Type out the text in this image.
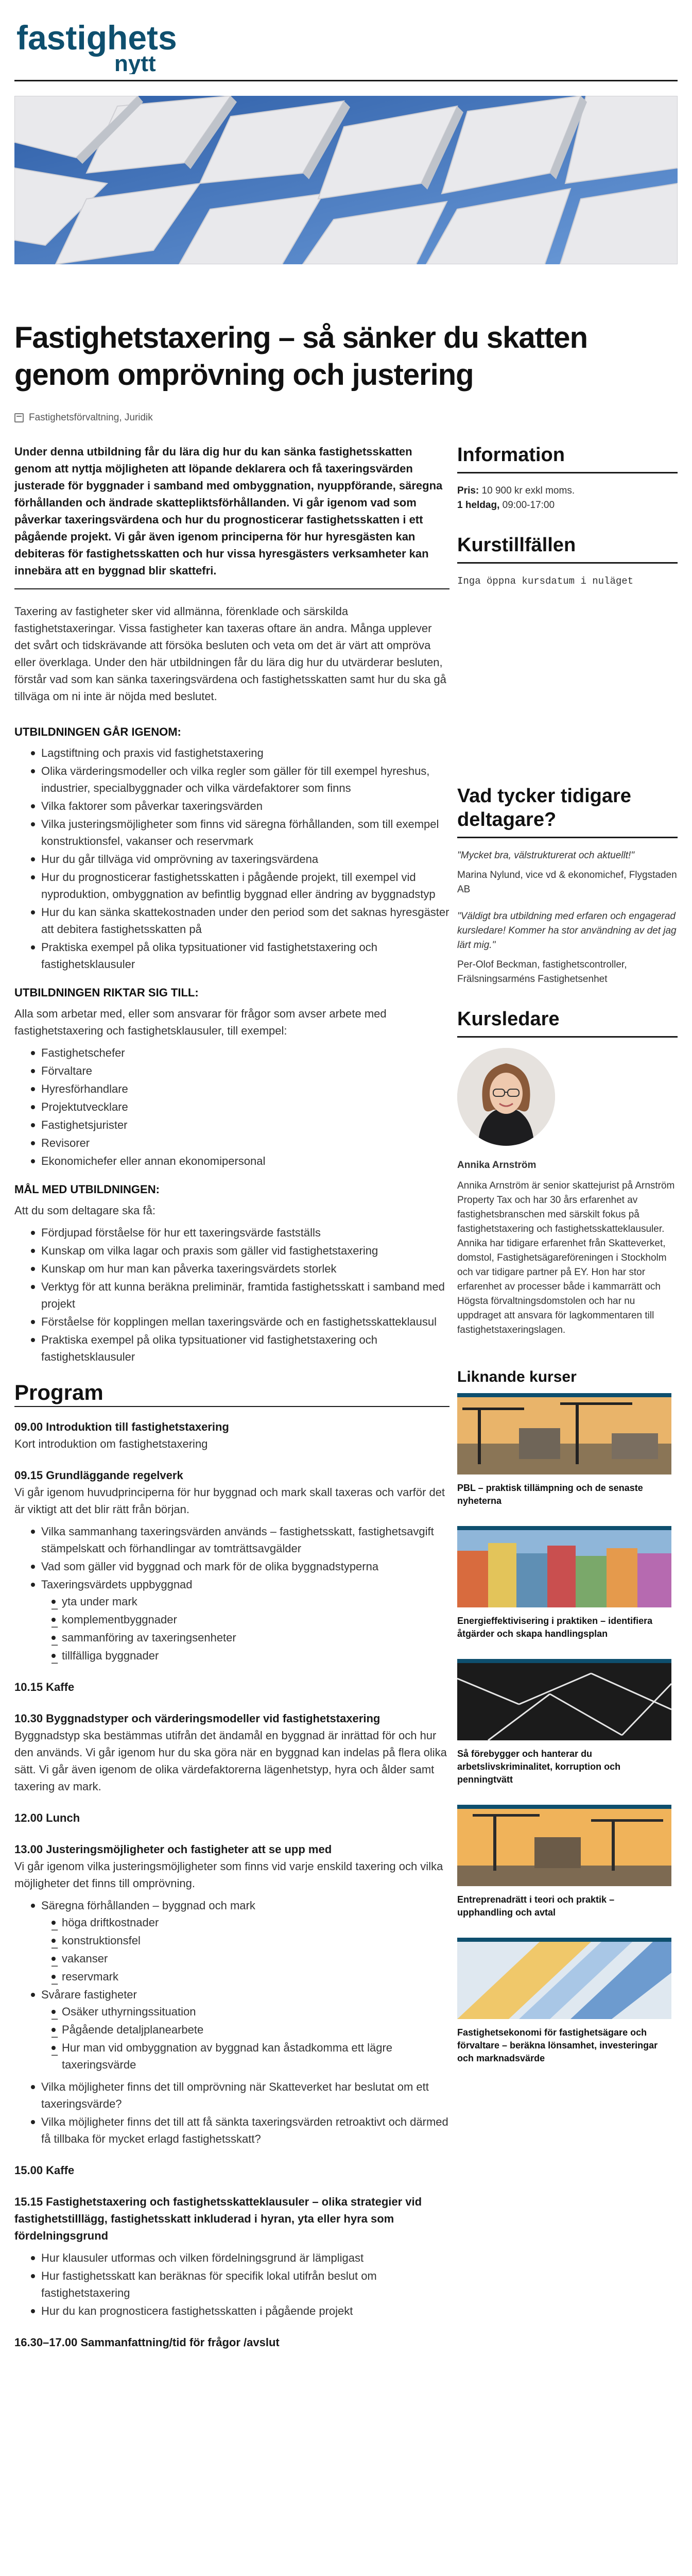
fastighets
nytt
Fastighetstaxering – så sänker du skatten genom omprövning och justering
Fastighetsförvaltning, Juridik

Under denna utbildning får du lära dig hur du kan sänka fastighetsskatten genom att nyttja möjligheten att löpande deklarera och få taxeringsvärden justerade för byggnader i samband med ombyggnation, nyuppförande, säregna förhållanden och ändrade skattepliktsförhållanden. Vi går igenom vad som påverkar taxeringsvärdena och hur du prognosticerar fastighetsskatten i ett pågående projekt. Vi går även igenom principerna för hur hyresgästen kan debiteras för fastighetsskatten och hur vissa hyresgästers verksamheter kan innebära att en byggnad blir skattefri.

Taxering av fastigheter sker vid allmänna, förenklade och särskilda fastighetstaxeringar. Vissa fastigheter kan taxeras oftare än andra. Många upplever det svårt och tidskrävande att försöka besluten och veta om det är värt att ompröva eller överklaga. Under den här utbildningen får du lära dig hur du utvärderar besluten, förstår vad som kan sänka taxeringsvärdena och fastighetsskatten samt hur du ska gå tillväga om ni inte är nöjda med beslutet.

UTBILDNINGEN GÅR IGENOM:

Lagstiftning och praxis vid fastighetstaxering
Olika värderingsmodeller och vilka regler som gäller för till exempel hyreshus, industrier, specialbyggnader och vilka värdefaktorer som finns
Vilka faktorer som påverkar taxeringsvärden
Vilka justeringsmöjligheter som finns vid säregna förhållanden, som till exempel konstruktionsfel, vakanser och reservmark
Hur du går tillväga vid omprövning av taxeringsvärdena
Hur du prognosticerar fastighetsskatten i pågående projekt, till exempel vid nyproduktion, ombyggnation av befintlig byggnad eller ändring av byggnadstyp
Hur du kan sänka skattekostnaden under den period som det saknas hyresgäster att debitera fastighetsskatten på
Praktiska exempel på olika typsituationer vid fastighetstaxering och fastighetsklausuler

UTBILDNINGEN RIKTAR SIG TILL:

Alla som arbetar med, eller som ansvarar för frågor som avser arbete med fastighetstaxering och fastighetsklausuler, till exempel:

Fastighetschefer
Förvaltare
Hyresförhandlare
Projektutvecklare
Fastighetsjurister
Revisorer
Ekonomichefer eller annan ekonomipersonal

MÅL MED UTBILDNINGEN:

Att du som deltagare ska få:

Fördjupad förståelse för hur ett taxeringsvärde fastställs
Kunskap om vilka lagar och praxis som gäller vid fastighetstaxering
Kunskap om hur man kan påverka taxeringsvärdets storlek
Verktyg för att kunna beräkna preliminär, framtida fastighetsskatt i samband med projekt
Förståelse för kopplingen mellan taxeringsvärde och en fastighetsskatteklausul
Praktiska exempel på olika typsituationer vid fastighetstaxering och fastighetsklausuler
Program
09.00 Introduktion till fastighetstaxering
Kort introduktion om fastighetstaxering
09.15 Grundläggande regelverk
Vi går igenom huvudprinciperna för hur byggnad och mark skall taxeras och varför det är viktigt att det blir rätt från början.
Vilka sammanhang taxeringsvärden används – fastighetsskatt, fastighetsavgift stämpelskatt och förhandlingar av tomträttsavgälder
Vad som gäller vid byggnad och mark för de olika byggnadstyperna
Taxeringsvärdets uppbyggnad
– yta under mark
– komplementbyggnader
– sammanföring av taxeringsenheter
– tillfälliga byggnader
10.15 Kaffe
10.30 Byggnadstyper och värderingsmodeller vid fastighetstaxering
Byggnadstyp ska bestämmas utifrån det ändamål en byggnad är inrättad för och hur den används. Vi går igenom hur du ska göra när en byggnad kan indelas på flera olika sätt. Vi går även igenom de olika värdefaktorerna lägenhetstyp, hyra och ålder samt taxering av mark.
12.00 Lunch
13.00 Justeringsmöjligheter och fastigheter att se upp med
Vi går igenom vilka justeringsmöjligheter som finns vid varje enskild taxering och vilka möjligheter det finns till omprövning.
Säregna förhållanden – byggnad och mark
– höga driftkostnader
– konstruktionsfel
– vakanser
– reservmark
Svårare fastigheter
– Osäker uthyrningssituation
– Pågående detaljplanearbete
– Hur man vid ombyggnation av byggnad kan åstadkomma ett lägre taxeringsvärde
Vilka möjligheter finns det till omprövning när Skatteverket har beslutat om ett taxeringsvärde?
Vilka möjligheter finns det till att få sänkta taxeringsvärden retroaktivt och därmed få tillbaka för mycket erlagd fastighetsskatt?
15.00 Kaffe
15.15 Fastighetstaxering och fastighetsskatteklausuler – olika strategier vid fastighetstilllägg, fastighetsskatt inkluderad i hyran, yta eller hyra som fördelningsgrund
Hur klausuler utformas och vilken fördelningsgrund är lämpligast
Hur fastighetsskatt kan beräknas för specifik lokal utifrån beslut om fastighetstaxering
Hur du kan prognosticera fastighetsskatten i pågående projekt
16.30–17.00 Sammanfattning/tid för frågor /avslut
Information

Pris: 10 900 kr exkl moms.

1 heldag, 09:00-17:00

Kurstillfällen

Inga öppna kursdatum i nuläget

Vad tycker tidigare deltagare?

"Mycket bra, välstrukturerat och aktuellt!"

Marina Nylund, vice vd & ekonomichef, Flygstaden AB

"Väldigt bra utbildning med erfaren och engagerad kursledare! Kommer ha stor användning av det jag lärt mig."

Per-Olof Beckman, fastighetscontroller, Frälsningsarméns Fastighetsenhet

Kursledare

Annika Arnström

Annika Arnström är senior skattejurist på Arnström Property Tax och har 30 års erfarenhet av fastighetsbranschen med särskilt fokus på fastighetstaxering och fastighetsskatteklausuler. Annika har tidigare erfarenhet från Skatteverket, domstol, Fastighetsägareföreningen i Stockholm och var tidigare partner på EY. Hon har stor erfarenhet av processer både i kammarrätt och Högsta förvaltningsdomstolen och har nu uppdraget att ansvara för lagkommentaren till fastighetstaxeringslagen.

Liknande kurser

PBL – praktisk tillämpning och de senaste nyheterna

Energieffektivisering i praktiken – identifiera åtgärder och skapa handlingsplan

Så förebygger och hanterar du arbetslivskriminalitet, korruption och penningtvätt

Entreprenadrätt i teori och praktik – upphandling och avtal

Fastighetsekonomi för fastighetsägare och förvaltare – beräkna lönsamhet, investeringar och marknadsvärde
